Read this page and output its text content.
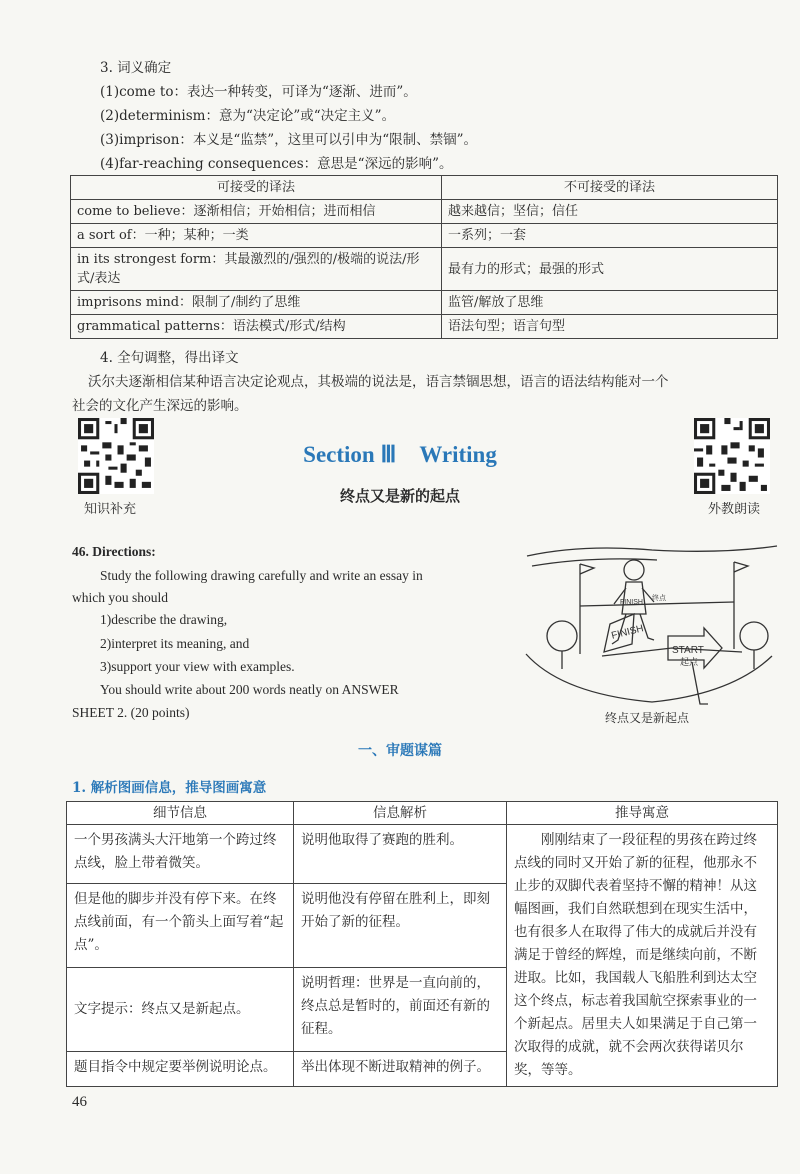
3. 词义确定
(1)come to：表达一种转变，可译为“逐渐、进而”。
(2)determinism：意为“决定论”或“决定主义”。
(3)imprison：本义是“监禁”，这里可以引申为“限制、禁锢”。
(4)far-reaching consequences：意思是“深远的影响”。
可接受的译法	不可接受的译法
come to believe：逐渐相信；开始相信；进而相信	越来越信；坚信；信任
a sort of：一种；某种；一类	一系列；一套
in its strongest form：其最激烈的/强烈的/极端的说法/形式/表达	最有力的形式；最强的形式
imprisons mind：限制了/制约了思维	监管/解放了思维
grammatical patterns：语法模式/形式/结构	语法句型；语言句型
4. 全句调整，得出译文
沃尔夫逐渐相信某种语言决定论观点，其极端的说法是，语言禁锢思想，语言的语法结构能对一个
社会的文化产生深远的影响。
知识补充	外教朗读
Section Ⅲ　Writing
终点又是新的起点
46. Directions:
Study the following drawing carefully and write an essay in
which you should
1)describe the drawing,
2)interpret its meaning, and
3)support your view with examples.
You should write about 200 words neatly on ANSWER
SHEET 2. (20 points)
FINISH
终点
FINISH
START
起点
终点又是新起点
一、审题谋篇
1. 解析图画信息，推导图画寓意
细节信息	信息解析	推导寓意
一个男孩满头大汗地第一个跨过终点线，脸上带着微笑。	说明他取得了赛跑的胜利。	刚刚结束了一段征程的男孩在跨过终点线的同时又开始了新的征程，他那永不止步的双脚代表着坚持不懈的精神！从这幅图画，我们自然联想到在现实生活中，也有很多人在取得了伟大的成就后并没有满足于曾经的辉煌，而是继续向前，不断进取。比如，我国载人飞船胜利到达太空这个终点，标志着我国航空探索事业的一个新起点。居里夫人如果满足于自己第一次取得的成就，就不会两次获得诺贝尔奖，等等。
但是他的脚步并没有停下来。在终点线前面，有一个箭头上面写着“起点”。	说明他没有停留在胜利上，即刻开始了新的征程。	
文字提示：终点又是新起点。	说明哲理：世界是一直向前的，终点总是暂时的，前面还有新的征程。	
题目指令中规定要举例说明论点。	举出体现不断进取精神的例子。	
46
